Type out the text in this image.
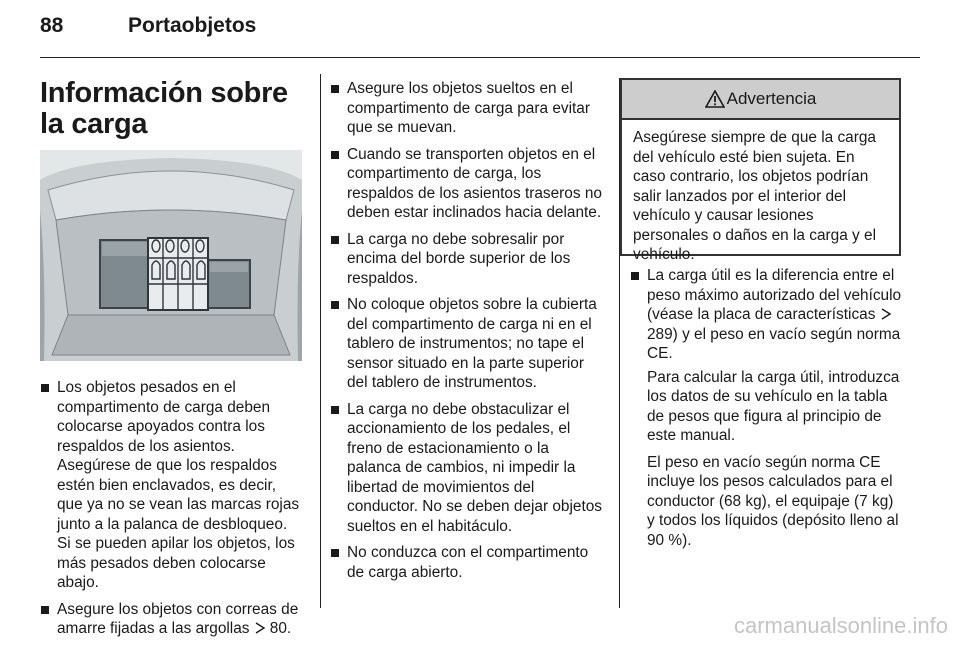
88	Portaobjetos
Información sobre la carga
Los objetos pesados en el compartimento de carga deben colocarse apoyados contra los respaldos de los asientos. Asegúrese de que los respaldos estén bien enclavados, es decir, que ya no se vean las marcas rojas junto a la palanca de desbloqueo. Si se pueden apilar los objetos, los más pesados deben colocarse abajo.
Asegure los objetos con correas de amarre fijadas a las argollas 80.
Asegure los objetos sueltos en el compartimento de carga para evitar que se muevan.
Cuando se transporten objetos en el compartimento de carga, los respaldos de los asientos traseros no deben estar inclinados hacia delante.
La carga no debe sobresalir por encima del borde superior de los respaldos.
No coloque objetos sobre la cubierta del compartimento de carga ni en el tablero de instrumentos; no tape el sensor situado en la parte superior del tablero de instrumentos.
La carga no debe obstaculizar el accionamiento de los pedales, el freno de estacionamiento o la palanca de cambios, ni impedir la libertad de movimientos del conductor. No se deben dejar objetos sueltos en el habitáculo.
No conduzca con el compartimento de carga abierto.
Advertencia
Asegúrese siempre de que la carga del vehículo esté bien sujeta. En caso contrario, los objetos podrían salir lanzados por el interior del vehículo y causar lesiones personales o daños en la carga y el vehículo.
La carga útil es la diferencia entre el peso máximo autorizado del vehículo (véase la placa de características 289) y el peso en vacío según norma CE.
Para calcular la carga útil, introduzca los datos de su vehículo en la tabla de pesos que figura al principio de este manual.
El peso en vacío según norma CE incluye los pesos calculados para el conductor (68 kg), el equipaje (7 kg) y todos los líquidos (depósito lleno al 90 %).
carmanualsonline.info
